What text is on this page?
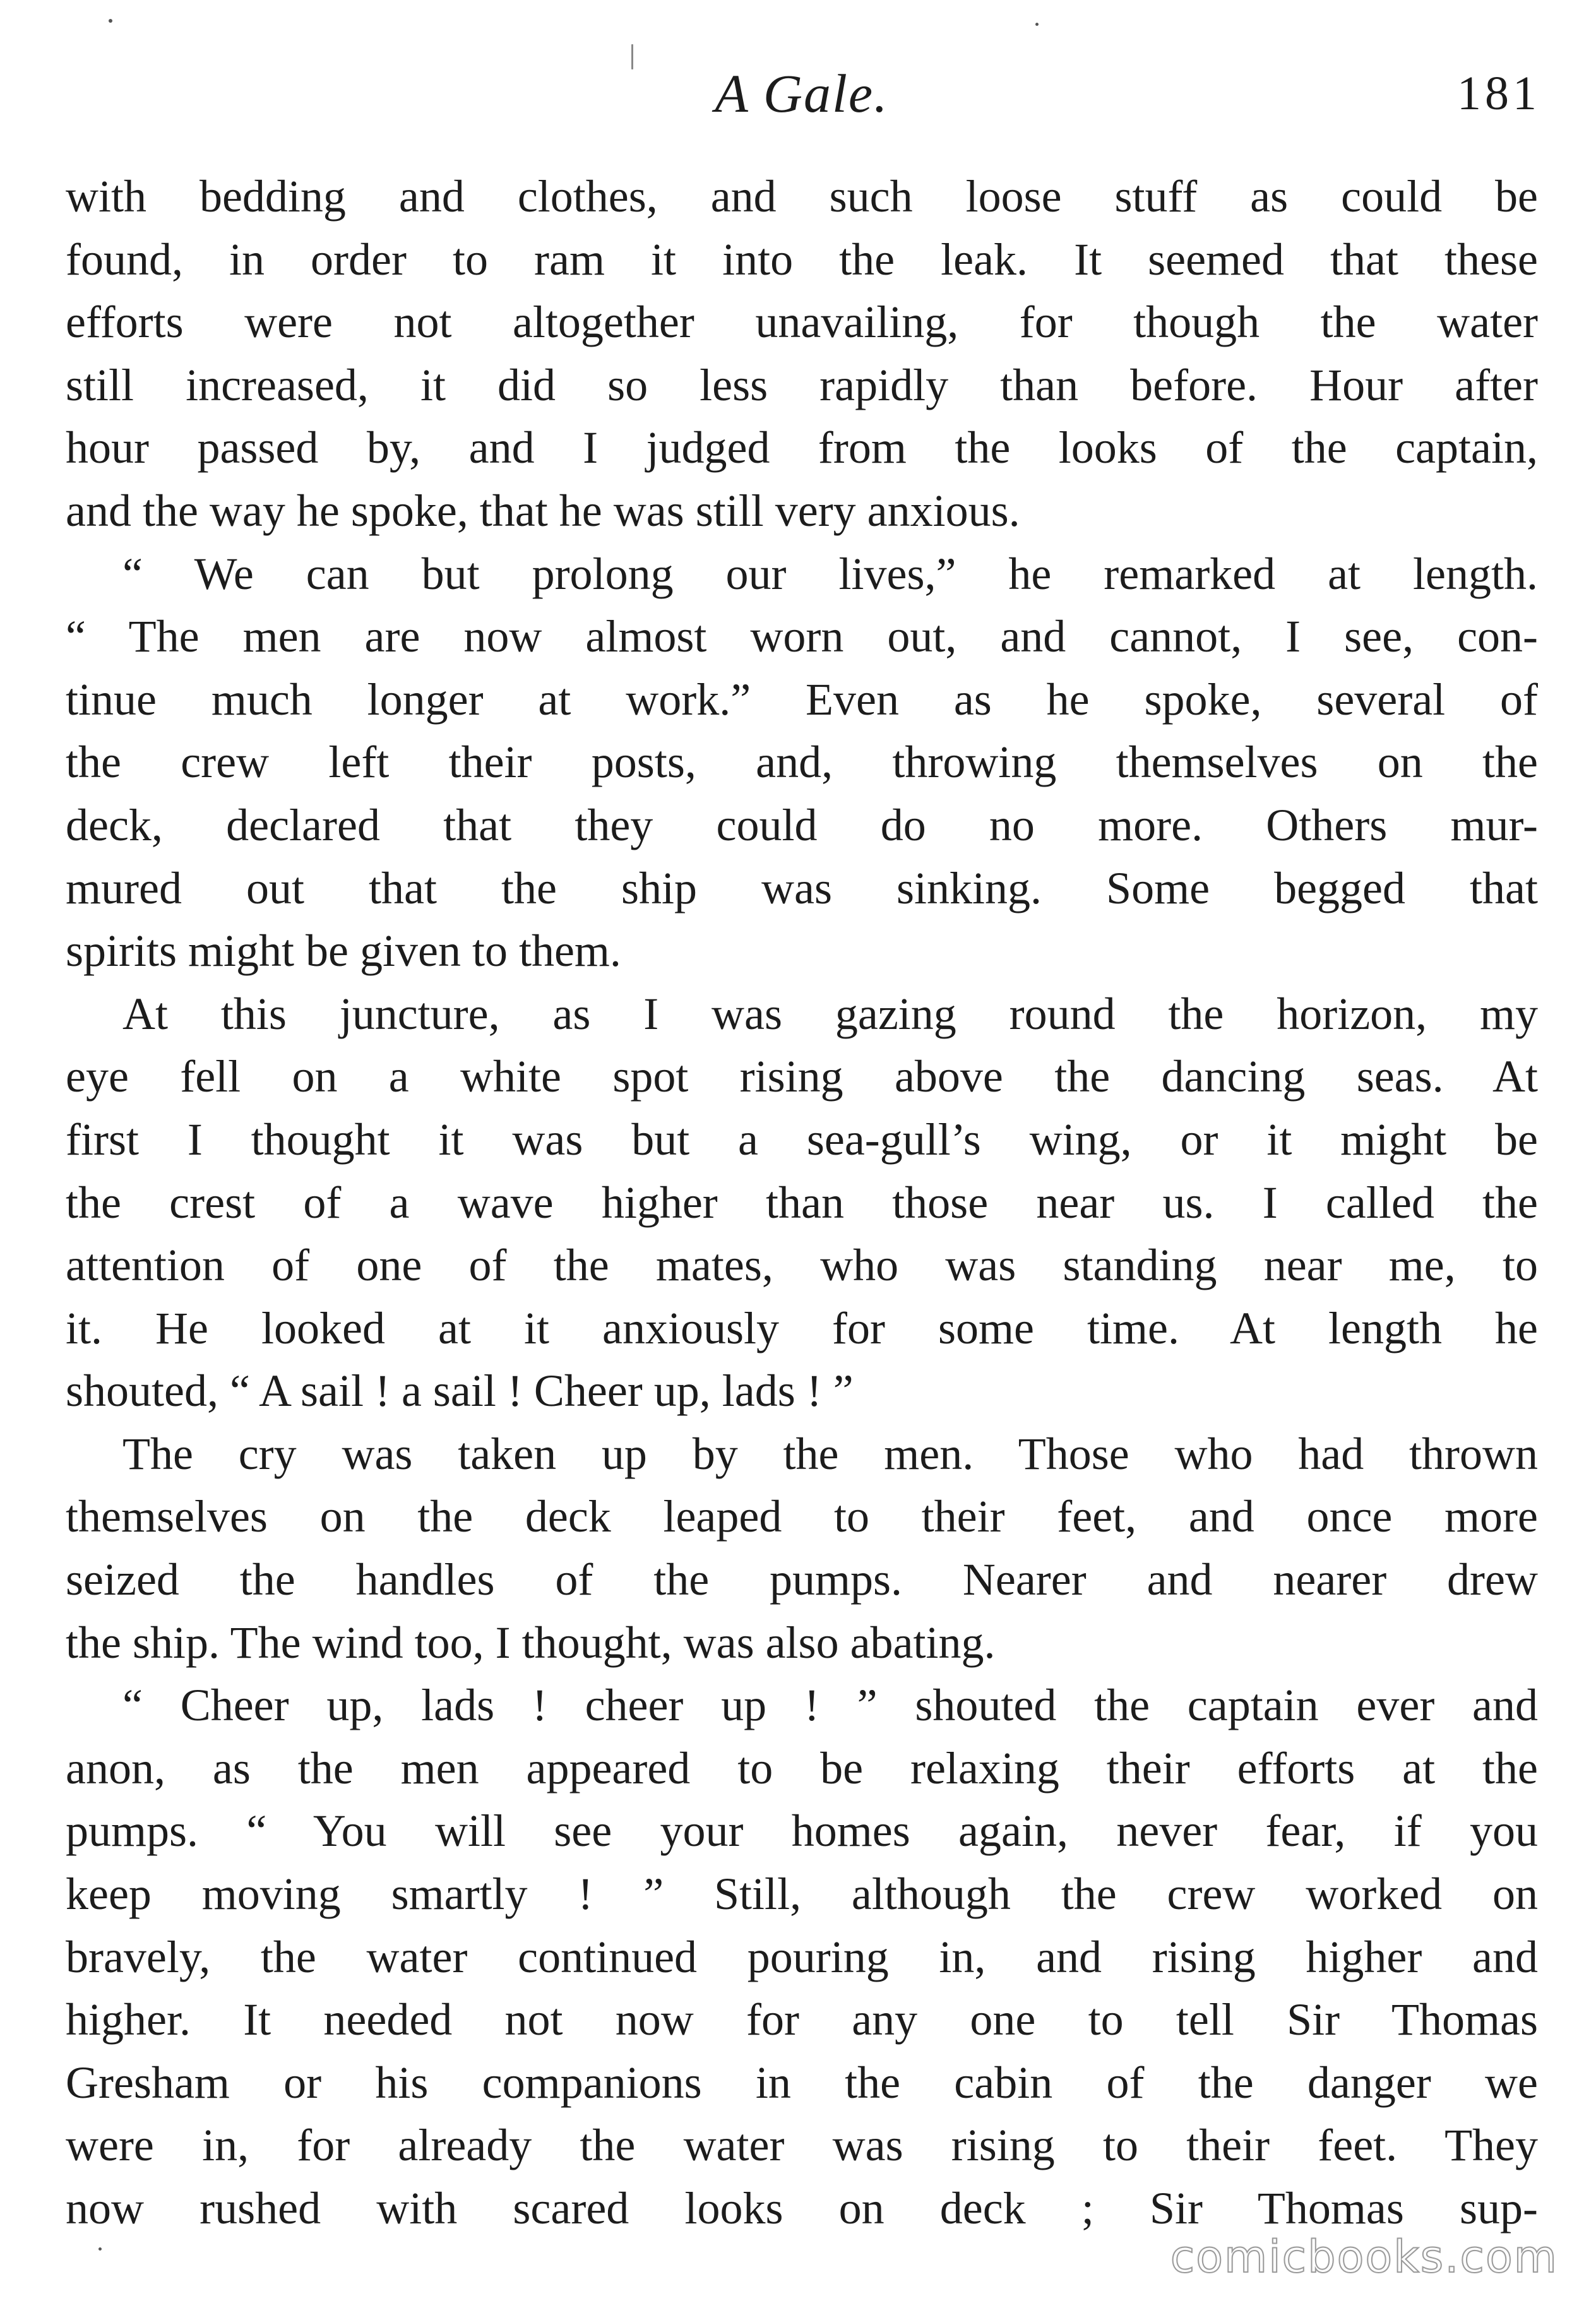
A Gale.	181
with bedding and clothes, and such loose stuff as could be
found, in order to ram it into the leak. It seemed that these
efforts were not altogether unavailing, for though the water
still increased, it did so less rapidly than before. Hour after
hour passed by, and I judged from the looks of the captain,
and the way he spoke, that he was still very anxious.
“ We can but prolong our lives,” he remarked at length.
“ The men are now almost worn out, and cannot, I see, con-
tinue much longer at work.” Even as he spoke, several of
the crew left their posts, and, throwing themselves on the
deck, declared that they could do no more. Others mur-
mured out that the ship was sinking. Some begged that
spirits might be given to them.
At this juncture, as I was gazing round the horizon, my
eye fell on a white spot rising above the dancing seas. At
first I thought it was but a sea-gull’s wing, or it might be
the crest of a wave higher than those near us. I called the
attention of one of the mates, who was standing near me, to
it. He looked at it anxiously for some time. At length he
shouted, “ A sail ! a sail ! Cheer up, lads ! ”
The cry was taken up by the men. Those who had thrown
themselves on the deck leaped to their feet, and once more
seized the handles of the pumps. Nearer and nearer drew
the ship. The wind too, I thought, was also abating.
“ Cheer up, lads ! cheer up ! ” shouted the captain ever and
anon, as the men appeared to be relaxing their efforts at the
pumps. “ You will see your homes again, never fear, if you
keep moving smartly ! ” Still, although the crew worked on
bravely, the water continued pouring in, and rising higher and
higher. It needed not now for any one to tell Sir Thomas
Gresham or his companions in the cabin of the danger we
were in, for already the water was rising to their feet. They
now rushed with scared looks on deck ; Sir Thomas sup-
comicbooks.com
